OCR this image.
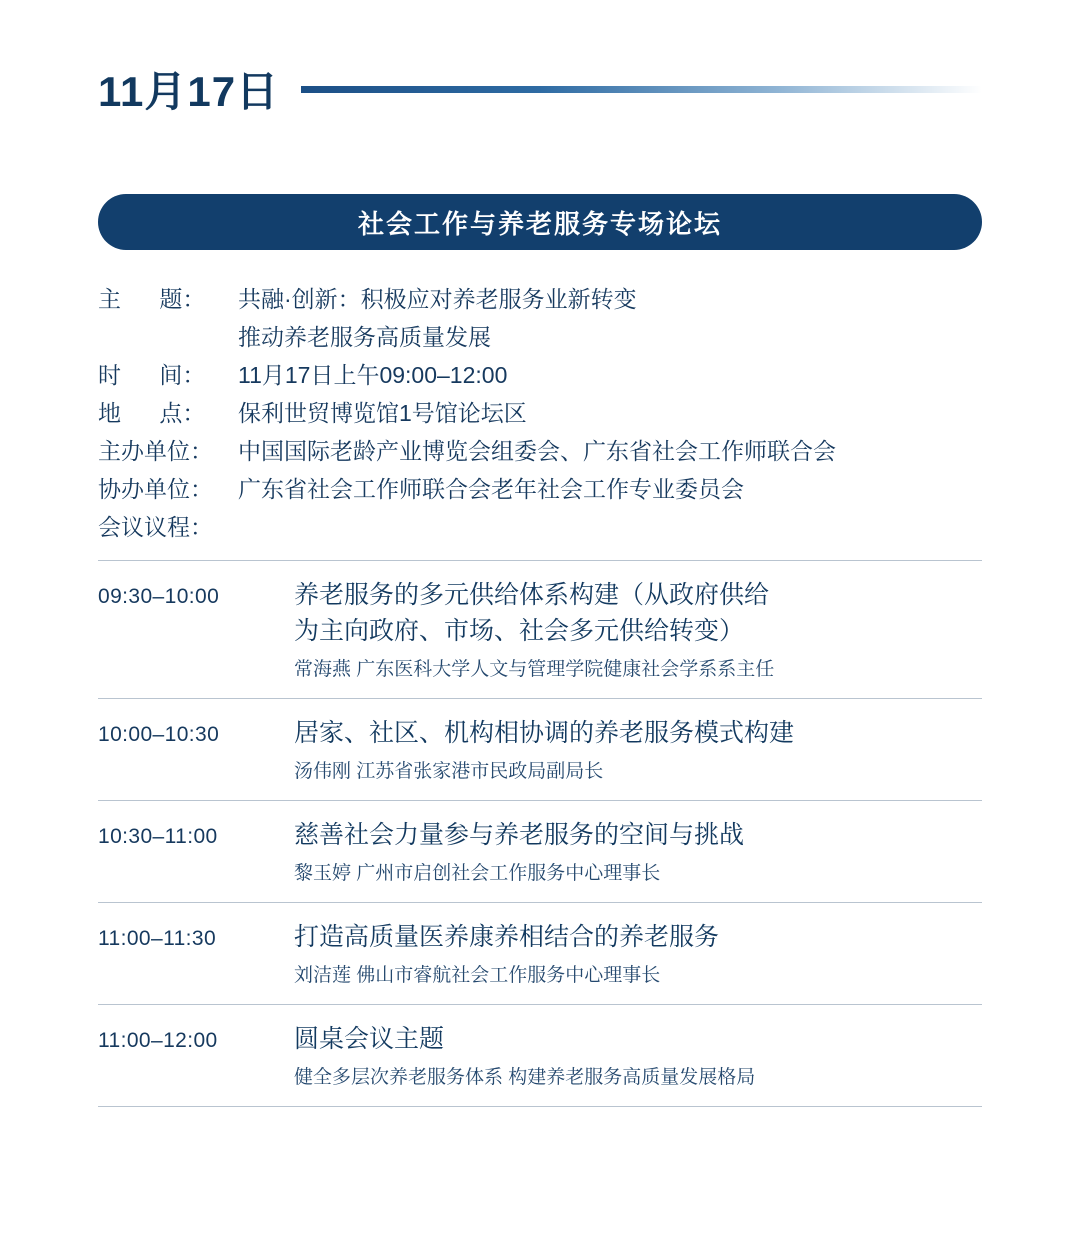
11月17日
社会工作与养老服务专场论坛
主      题：	共融·创新：积极应对养老服务业新转变
推动养老服务高质量发展
时      间：	11月17日上午09:00–12:00
地      点：	保利世贸博览馆1号馆论坛区
主办单位：	中国国际老龄产业博览会组委会、广东省社会工作师联合会
协办单位：	广东省社会工作师联合会老年社会工作专业委员会
会议议程：
09:30–10:00	养老服务的多元供给体系构建（从政府供给
为主向政府、市场、社会多元供给转变）
常海燕 广东医科大学人文与管理学院健康社会学系系主任
10:00–10:30	居家、社区、机构相协调的养老服务模式构建
汤伟刚 江苏省张家港市民政局副局长
10:30–11:00	慈善社会力量参与养老服务的空间与挑战
黎玉婷 广州市启创社会工作服务中心理事长
11:00–11:30	打造高质量医养康养相结合的养老服务
刘洁莲 佛山市睿航社会工作服务中心理事长
11:00–12:00	圆桌会议主题
健全多层次养老服务体系 构建养老服务高质量发展格局
